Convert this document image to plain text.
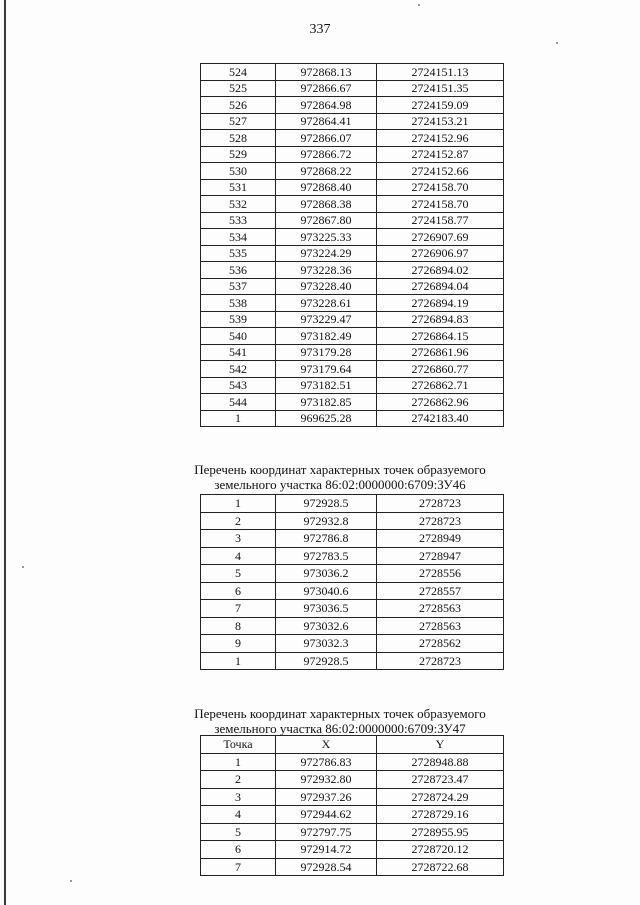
337
524	972868.13	2724151.13
525	972866.67	2724151.35
526	972864.98	2724159.09
527	972864.41	2724153.21
528	972866.07	2724152.96
529	972866.72	2724152.87
530	972868.22	2724152.66
531	972868.40	2724158.70
532	972868.38	2724158.70
533	972867.80	2724158.77
534	973225.33	2726907.69
535	973224.29	2726906.97
536	973228.36	2726894.02
537	973228.40	2726894.04
538	973228.61	2726894.19
539	973229.47	2726894.83
540	973182.49	2726864.15
541	973179.28	2726861.96
542	973179.64	2726860.77
543	973182.51	2726862.71
544	973182.85	2726862.96
1	969625.28	2742183.40
Перечень координат характерных точек образуемого
земельного участка 86:02:0000000:6709:ЗУ46
1	972928.5	2728723
2	972932.8	2728723
3	972786.8	2728949
4	972783.5	2728947
5	973036.2	2728556
6	973040.6	2728557
7	973036.5	2728563
8	973032.6	2728563
9	973032.3	2728562
1	972928.5	2728723
Перечень координат характерных точек образуемого
земельного участка 86:02:0000000:6709:ЗУ47
Точка	X	Y
1	972786.83	2728948.88
2	972932.80	2728723.47
3	972937.26	2728724.29
4	972944.62	2728729.16
5	972797.75	2728955.95
6	972914.72	2728720.12
7	972928.54	2728722.68
